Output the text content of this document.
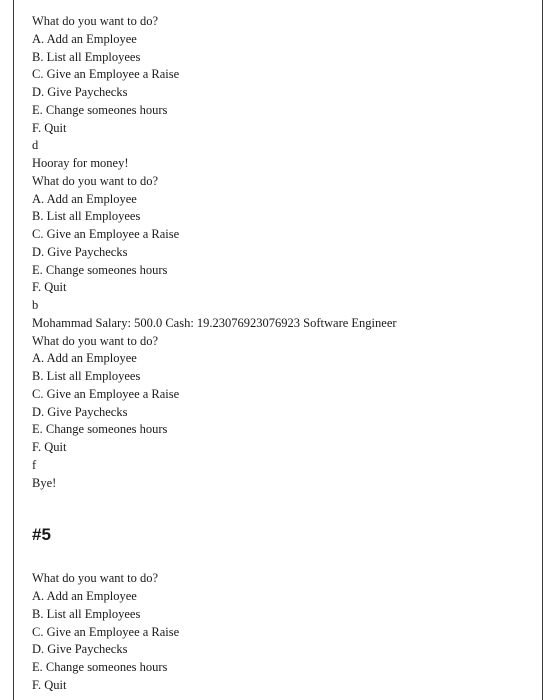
What do you want to do?
A. Add an Employee
B. List all Employees
C. Give an Employee a Raise
D. Give Paychecks
E. Change someones hours
F. Quit
d
Hooray for money!
What do you want to do?
A. Add an Employee
B. List all Employees
C. Give an Employee a Raise
D. Give Paychecks
E. Change someones hours
F. Quit
b
Mohammad Salary: 500.0 Cash: 19.23076923076923 Software Engineer
What do you want to do?
A. Add an Employee
B. List all Employees
C. Give an Employee a Raise
D. Give Paychecks
E. Change someones hours
F. Quit
f
Bye!
#5
What do you want to do?
A. Add an Employee
B. List all Employees
C. Give an Employee a Raise
D. Give Paychecks
E. Change someones hours
F. Quit
